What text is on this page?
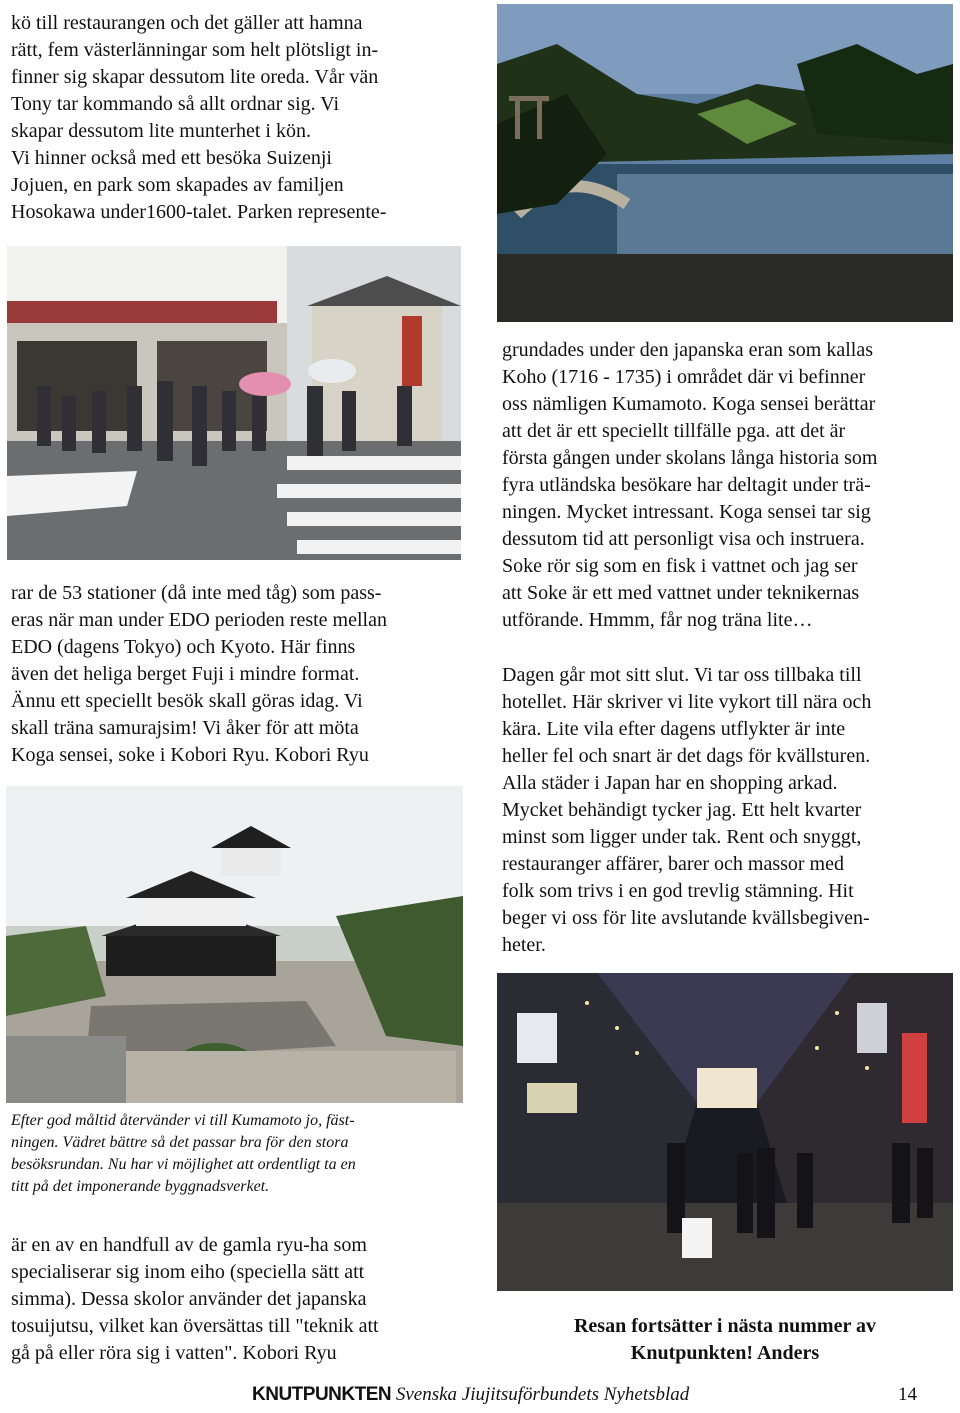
kö till restaurangen och det gäller att hamna
rätt, fem västerlänningar som helt plötsligt in-
finner sig skapar dessutom lite oreda. Vår vän
Tony tar kommando så allt ordnar sig. Vi
skapar dessutom lite munterhet i kön.
Vi hinner också med ett besöka Suizenji
Jojuen, en park som skapades av familjen
Hosokawa under1600-talet. Parken represente-
rar de 53 stationer (då inte med tåg) som pass-
eras när man under EDO perioden reste mellan
EDO (dagens Tokyo) och Kyoto. Här finns
även det heliga berget Fuji i mindre format.
Ännu ett speciellt besök skall göras idag. Vi
skall träna samurajsim! Vi åker för att möta
Koga sensei, soke i Kobori Ryu. Kobori Ryu
Efter god måltid återvänder vi till Kumamoto jo, fäst-
ningen. Vädret bättre så det passar bra för den stora
besöksrundan. Nu har vi möjlighet att ordentligt ta en
titt på det imponerande byggnadsverket.
är en av en handfull av de gamla ryu-ha som
specialiserar sig inom eiho (speciella sätt att
simma). Dessa skolor använder det japanska
tosuijutsu, vilket kan översättas till "teknik att
gå på eller röra sig i vatten". Kobori Ryu
grundades under den japanska eran som kallas
Koho (1716 - 1735) i området där vi befinner
oss nämligen Kumamoto. Koga sensei berättar
att det är ett speciellt tillfälle pga. att det är
första gången under skolans långa historia som
fyra utländska besökare har deltagit under trä-
ningen. Mycket intressant. Koga sensei tar sig
dessutom tid att personligt visa och instruera.
Soke rör sig som en fisk i vattnet och jag ser
att Soke är ett med vattnet under teknikernas
utförande. Hmmm, får nog träna lite…
Dagen går mot sitt slut. Vi tar oss tillbaka till
hotellet. Här skriver vi lite vykort till nära och
kära. Lite vila efter dagens utflykter är inte
heller fel och snart är det dags för kvällsturen.
Alla städer i Japan har en shopping arkad.
Mycket behändigt tycker jag. Ett helt kvarter
minst som ligger under tak. Rent och snyggt,
restauranger affärer, barer och massor med
folk som trivs i en god trevlig stämning. Hit
beger vi oss för lite avslutande kvällsbegiven-
heter.
Resan fortsätter i nästa nummer av
Knutpunkten! Anders
KNUTPUNKTEN Svenska Jiujitsuförbundets Nyhetsblad	14
